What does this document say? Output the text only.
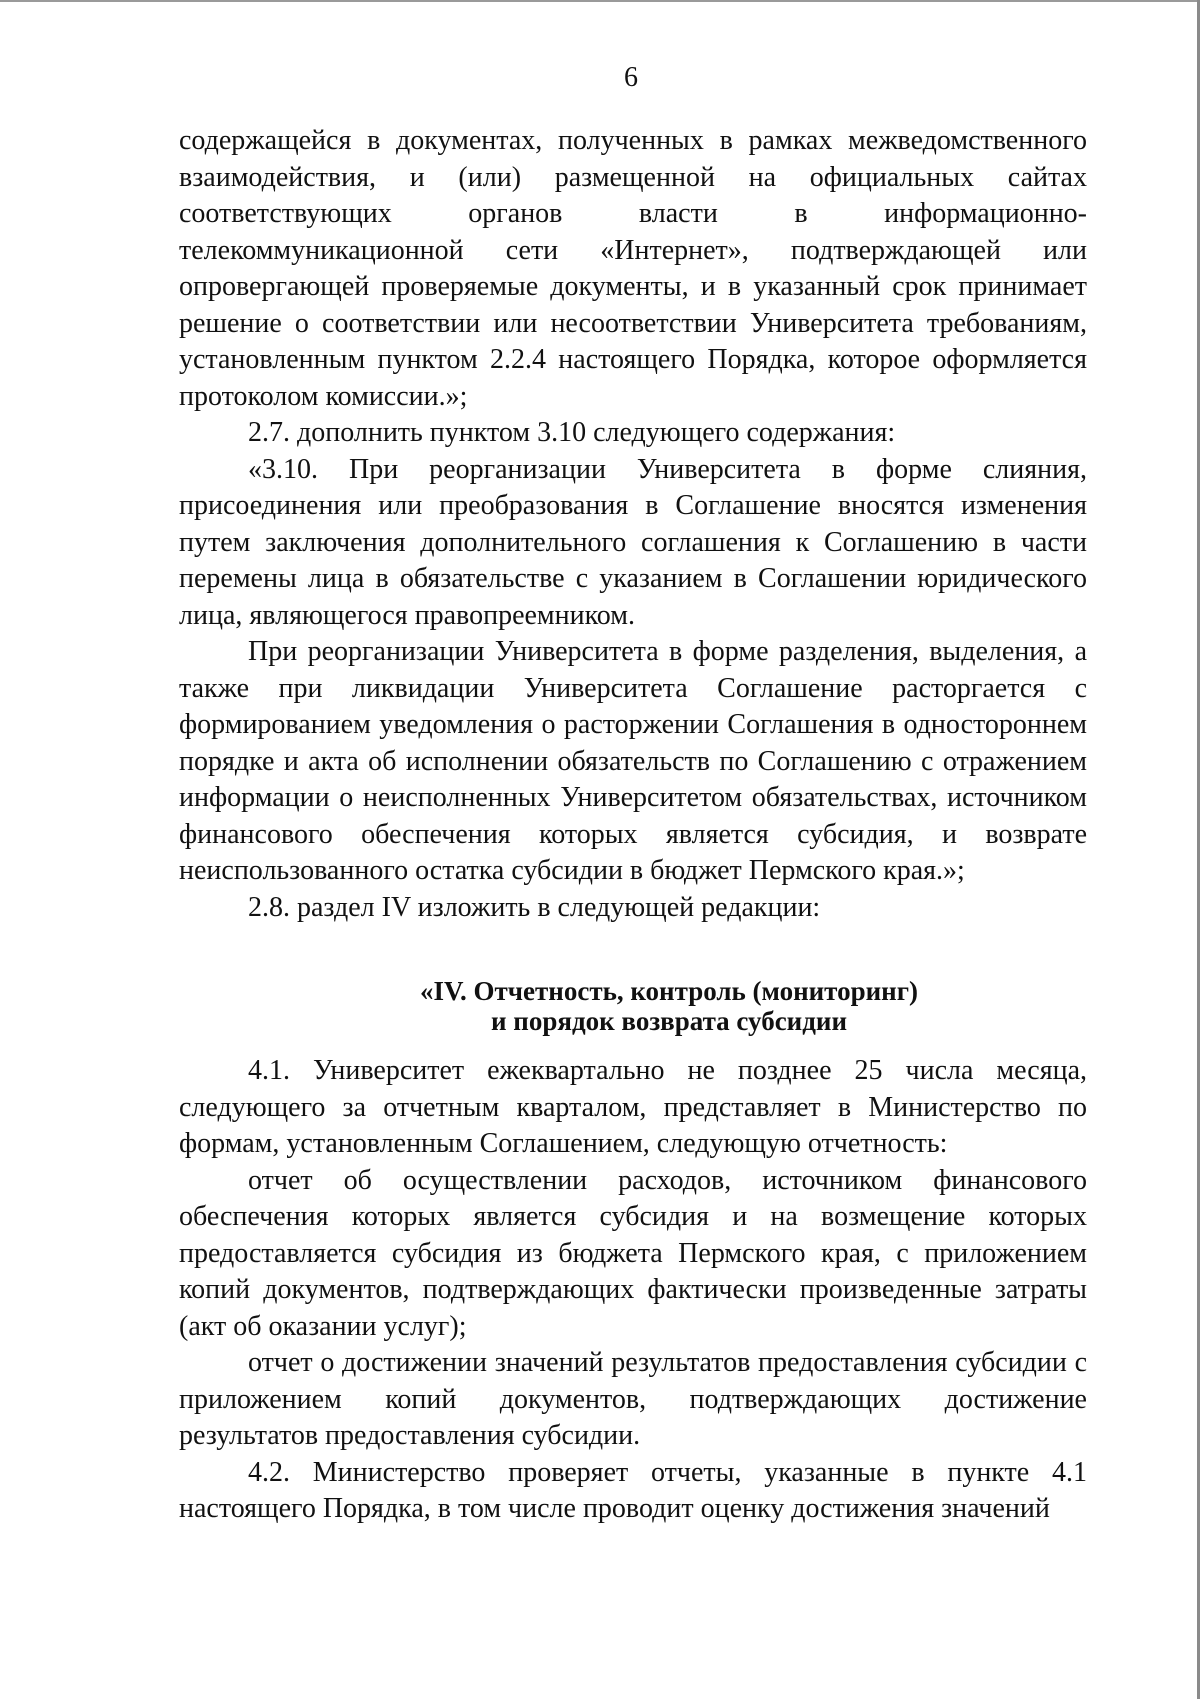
6

содержащейся в документах, полученных в рамках межведомственного взаимодействия, и (или) размещенной на официальных сайтах соответствующих органов власти в информационно-телекоммуникационной сети «Интернет», подтверждающей или опровергающей проверяемые документы, и в указанный срок принимает решение о соответствии или несоответствии Университета требованиям, установленным пунктом 2.2.4 настоящего Порядка, которое оформляется протоколом комиссии.»;

2.7. дополнить пунктом 3.10 следующего содержания:

«3.10. При реорганизации Университета в форме слияния, присоединения или преобразования в Соглашение вносятся изменения путем заключения дополнительного соглашения к Соглашению в части перемены лица в обязательстве с указанием в Соглашении юридического лица, являющегося правопреемником.

При реорганизации Университета в форме разделения, выделения, а также при ликвидации Университета Соглашение расторгается с формированием уведомления о расторжении Соглашения в одностороннем порядке и акта об исполнении обязательств по Соглашению с отражением информации о неисполненных Университетом обязательствах, источником финансового обеспечения которых является субсидия, и возврате неиспользованного остатка субсидии в бюджет Пермского края.»;

2.8. раздел IV изложить в следующей редакции:

«IV. Отчетность, контроль (мониторинг)
и порядок возврата субсидии

4.1. Университет ежеквартально не позднее 25 числа месяца, следующего за отчетным кварталом, представляет в Министерство по формам, установленным Соглашением, следующую отчетность:

отчет об осуществлении расходов, источником финансового обеспечения которых является субсидия и на возмещение которых предоставляется субсидия из бюджета Пермского края, с приложением копий документов, подтверждающих фактически произведенные затраты (акт об оказании услуг);

отчет о достижении значений результатов предоставления субсидии с приложением копий документов, подтверждающих достижение результатов предоставления субсидии.

4.2. Министерство проверяет отчеты, указанные в пункте 4.1 настоящего Порядка, в том числе проводит оценку достижения значений
